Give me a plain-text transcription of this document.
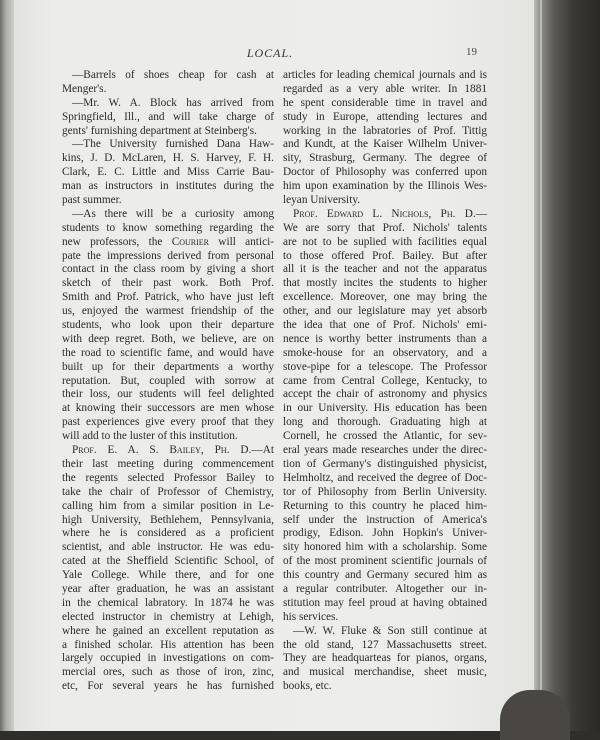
LOCAL.	19
—Barrels of shoes cheap for cash at
Menger's.
—Mr. W. A. Block has arrived from
Springfield, Ill., and will take charge of
gents' furnishing department at Steinberg's.
—The University furnished Dana Haw-
kins, J. D. McLaren, H. S. Harvey, F. H.
Clark, E. C. Little and Miss Carrie Bau-
man as instructors in institutes during the
past summer.
—As there will be a curiosity among
students to know something regarding the
new professors, the Courier will antici-
pate the impressions derived from personal
contact in the class room by giving a short
sketch of their past work. Both Prof.
Smith and Prof. Patrick, who have just left
us, enjoyed the warmest friendship of the
students, who look upon their departure
with deep regret. Both, we believe, are on
the road to scientific fame, and would have
built up for their departments a worthy
reputation. But, coupled with sorrow at
their loss, our students will feel delighted
at knowing their successors are men whose
past experiences give every proof that they
will add to the luster of this institution.
Prof. E. A. S. Bailey, Ph. D.—At
their last meeting during commencement
the regents selected Professor Bailey to
take the chair of Professor of Chemistry,
calling him from a similar position in Le-
high University, Bethlehem, Pennsylvania,
where he is considered as a proficient
scientist, and able instructor. He was edu-
cated at the Sheffield Scientific School, of
Yale College. While there, and for one
year after graduation, he was an assistant
in the chemical labratory. In 1874 he was
elected instructor in chemistry at Lehigh,
where he gained an excellent reputation as
a finished scholar. His attention has been
largely occupied in investigations on com-
mercial ores, such as those of iron, zinc,
etc, For several years he has furnished
articles for leading chemical journals and is
regarded as a very able writer. In 1881
he spent considerable time in travel and
study in Europe, attending lectures and
working in the labratories of Prof. Tittig
and Kundt, at the Kaiser Wilhelm Univer-
sity, Strasburg, Germany. The degree of
Doctor of Philosophy was conferred upon
him upon examination by the Illinois Wes-
leyan University.
Prof. Edward L. Nichols, Ph. D.—
We are sorry that Prof. Nichols' talents
are not to be suplied with facilities equal
to those offered Prof. Bailey. But after
all it is the teacher and not the apparatus
that mostly incites the students to higher
excellence. Moreover, one may bring the
other, and our legislature may yet absorb
the idea that one of Prof. Nichols' emi-
nence is worthy better instruments than a
smoke-house for an observatory, and a
stove-pipe for a telescope. The Professor
came from Central College, Kentucky, to
accept the chair of astronomy and physics
in our University. His education has been
long and thorough. Graduating high at
Cornell, he crossed the Atlantic, for sev-
eral years made researches under the direc-
tion of Germany's distinguished physicist,
Helmholtz, and received the degree of Doc-
tor of Philosophy from Berlin University.
Returning to this country he placed him-
self under the instruction of America's
prodigy, Edison. John Hopkin's Univer-
sity honored him with a scholarship. Some
of the most prominent scientific journals of
this country and Germany secured him as
a regular contributer. Altogether our in-
stitution may feel proud at having obtained
his services.
—W. W. Fluke & Son still continue at
the old stand, 127 Massachusetts street.
They are headquarteas for pianos, organs,
and musical merchandise, sheet music,
books, etc.
